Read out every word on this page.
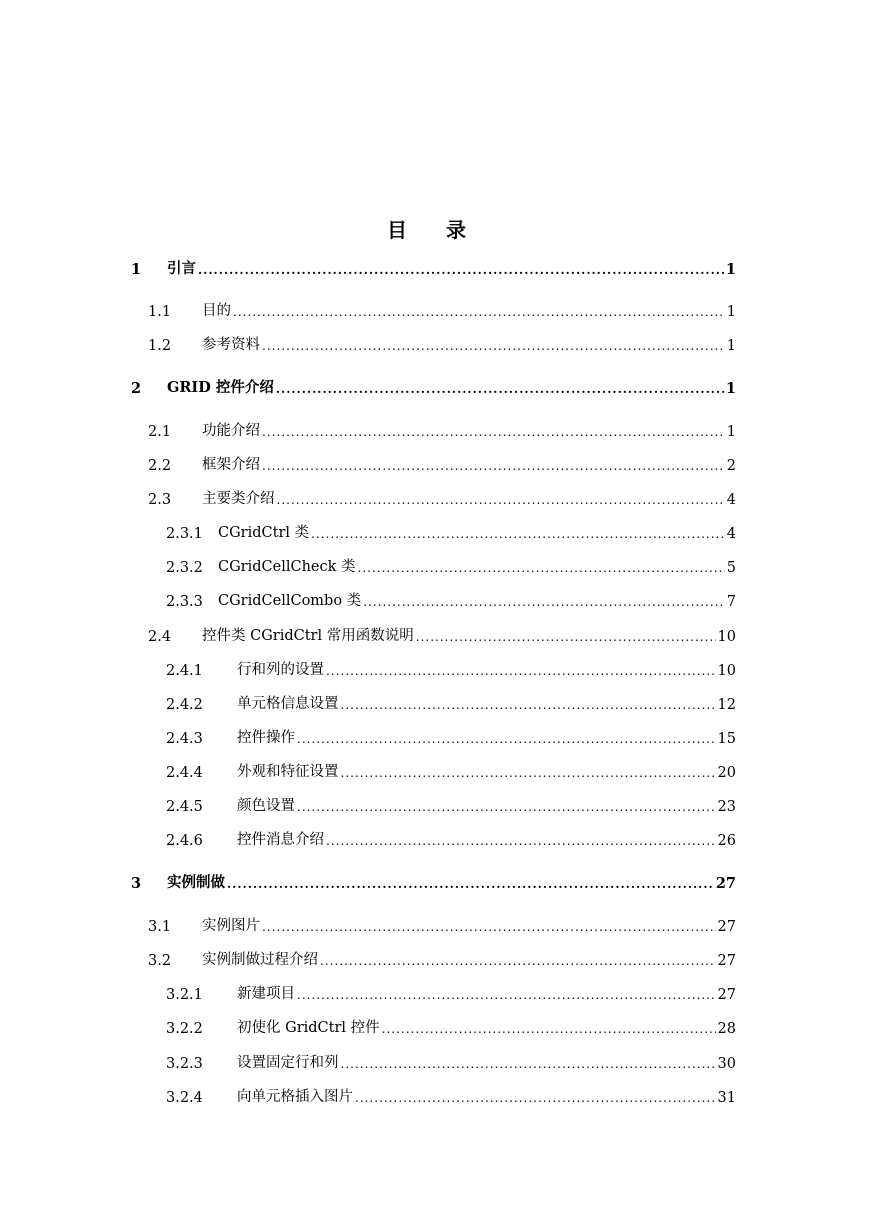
目 录
1	引言 .....	1
1.1	目的 .....	1
1.2	参考资料 .....	1
2	GRID 控件介绍 .....	1
2.1	功能介绍 .....	1
2.2	框架介绍 .....	2
2.3	主要类介绍 .....	4
2.3.1	CGridCtrl 类 .....	4
2.3.2	CGridCellCheck 类 .....	5
2.3.3	CGridCellCombo 类 .....	7
2.4	控件类 CGridCtrl 常用函数说明 .....	10
2.4.1	行和列的设置 .....	10
2.4.2	单元格信息设置 .....	12
2.4.3	控件操作 .....	15
2.4.4	外观和特征设置 .....	20
2.4.5	颜色设置 .....	23
2.4.6	控件消息介绍 .....	26
3	实例制做 .....	27
3.1	实例图片 .....	27
3.2	实例制做过程介绍 .....	27
3.2.1	新建项目 .....	27
3.2.2	初使化 GridCtrl 控件 .....	28
3.2.3	设置固定行和列 .....	30
3.2.4	向单元格插入图片 .....	31
